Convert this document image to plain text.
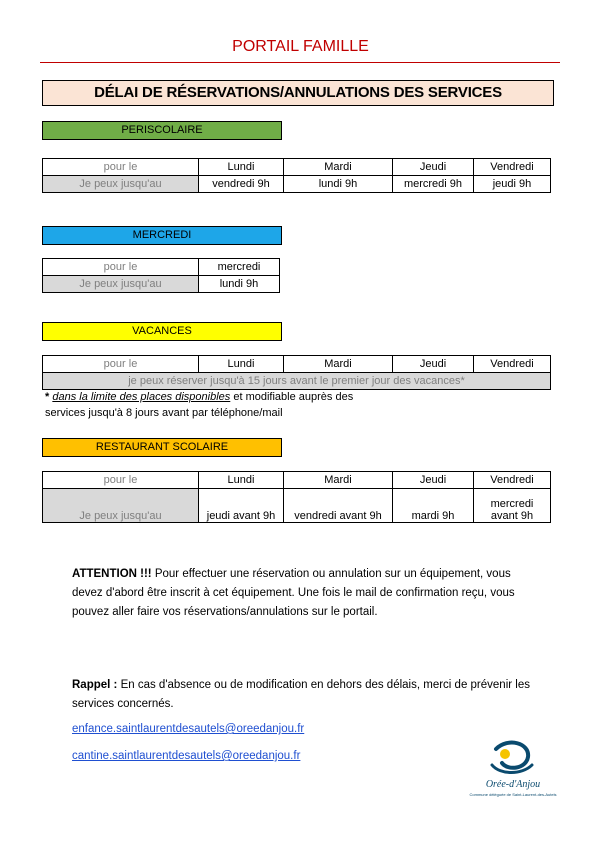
PORTAIL FAMILLE
DÉLAI DE RÉSERVATIONS/ANNULATIONS DES SERVICES
PERISCOLAIRE
pour le	Lundi	Mardi	Jeudi	Vendredi
Je peux jusqu'au	vendredi 9h	lundi 9h	mercredi 9h	jeudi 9h
MERCREDI
pour le	mercredi
Je peux jusqu'au	lundi 9h
VACANCES
pour le	Lundi	Mardi	Jeudi	Vendredi
je peux réserver jusqu'à 15 jours avant le premier jour des vacances*
* dans la limite des places disponibles et modifiable auprès des services jusqu'à 8 jours avant par téléphone/mail
RESTAURANT SCOLAIRE
pour le	Lundi	Mardi	Jeudi	Vendredi
Je peux jusqu'au	jeudi avant 9h	vendredi avant 9h	mardi 9h	mercredi avant 9h
ATTENTION !!! Pour effectuer une réservation ou annulation sur un équipement, vous devez d'abord être inscrit à cet équipement. Une fois le mail de confirmation reçu, vous pouvez aller faire vos réservations/annulations sur le portail.
Rappel : En cas d'absence ou de modification en dehors des délais, merci de prévenir les services concernés.
enfance.saintlaurentdesautels@oreedanjou.fr
cantine.saintlaurentdesautels@oreedanjou.fr
Orée-d'Anjou
Commune déléguée de Saint-Laurent-des-Autels
